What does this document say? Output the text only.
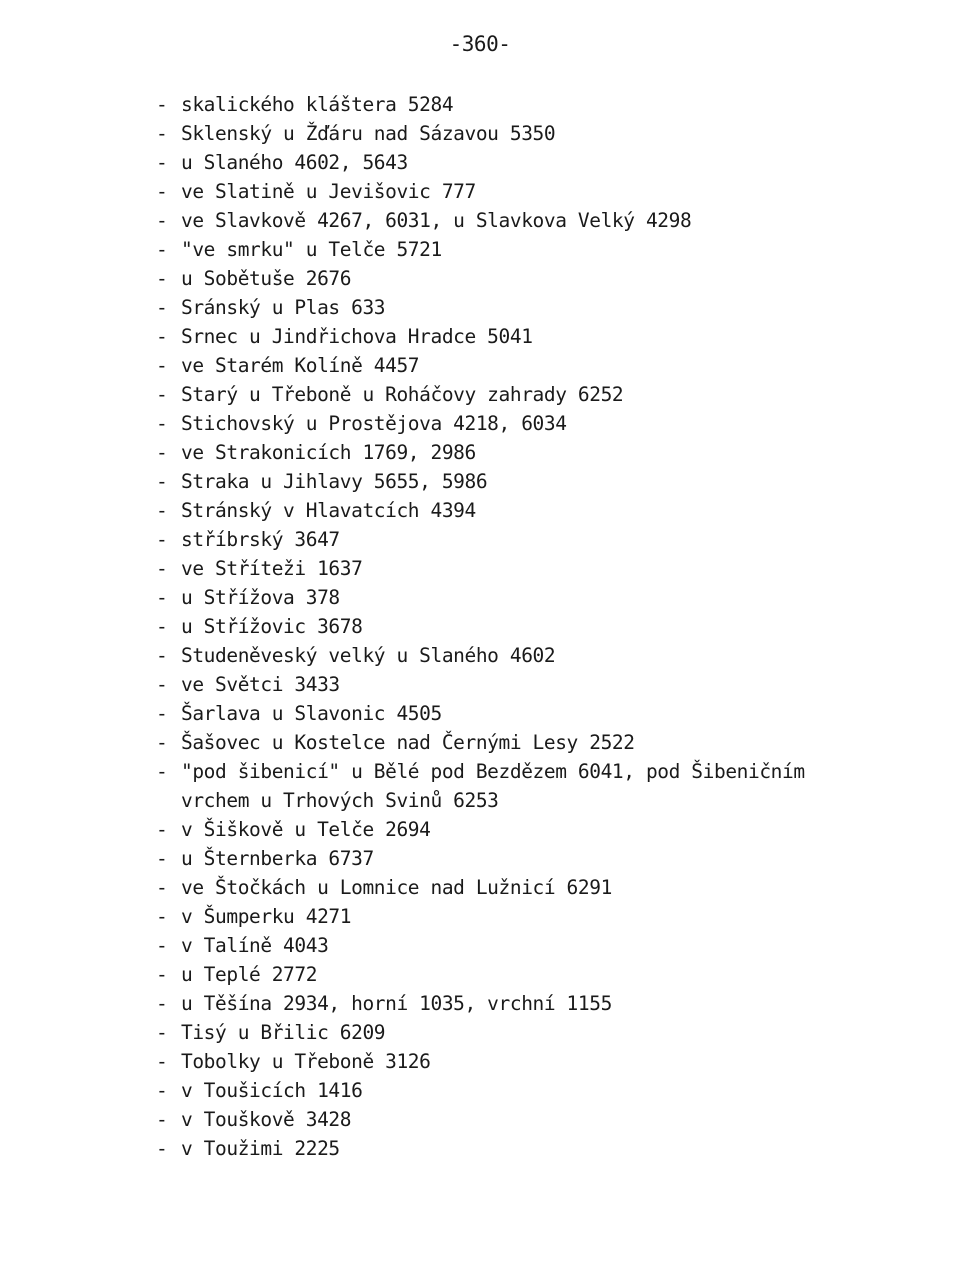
-360-
- skalického kláštera 5284
- Sklenský u Žďáru nad Sázavou 5350
- u Slaného 4602, 5643
- ve Slatině u Jevišovic 777
- ve Slavkově 4267, 6031, u Slavkova Velký 4298
- "ve smrku" u Telče 5721
- u Sobětuše 2676
- Sránský u Plas 633
- Srnec u Jindřichova Hradce 5041
- ve Starém Kolíně 4457
- Starý u Třeboně u Roháčovy zahrady 6252
- Stichovský u Prostějova 4218, 6034
- ve Strakonicích 1769, 2986
- Straka u Jihlavy 5655, 5986
- Stránský v Hlavatcích 4394
- stříbrský 3647
- ve Stříteži 1637
- u Střížova 378
- u Střížovic 3678
- Studeněveský velký u Slaného 4602
- ve Světci 3433
- Šarlava u Slavonic 4505
- Šašovec u Kostelce nad Černými Lesy 2522
- "pod šibenicí" u Bělé pod Bezdězem 6041, pod Šibeničním
vrchem u Trhových Svinů 6253
- v Šiškově u Telče 2694
- u Šternberka 6737
- ve Štočkách u Lomnice nad Lužnicí 6291
- v Šumperku 4271
- v Talíně 4043
- u Teplé 2772
- u Těšína 2934, horní 1035, vrchní 1155
- Tisý u Břilic 6209
- Tobolky u Třeboně 3126
- v Toušicích 1416
- v Touškově 3428
- v Toužimi 2225
